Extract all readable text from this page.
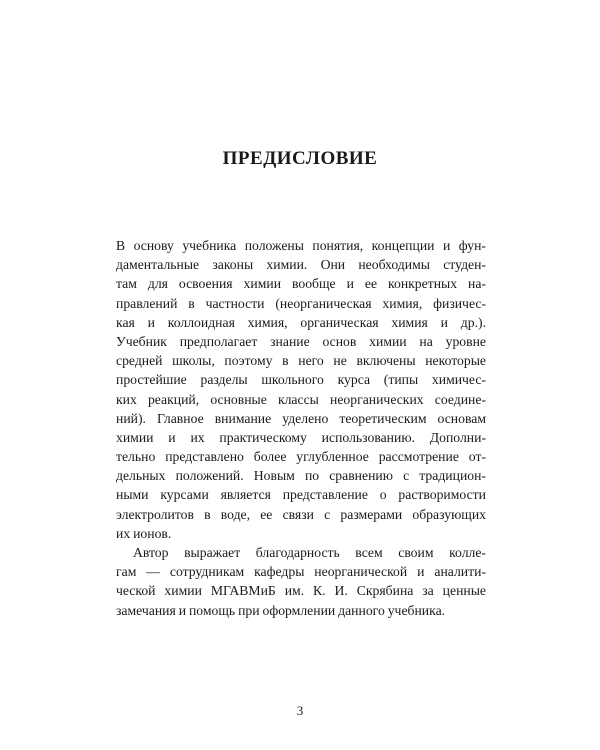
ПРЕДИСЛОВИЕ
В основу учебника положены понятия, концепции и фун-
даментальные законы химии. Они необходимы студен-
там для освоения химии вообще и ее конкретных на-
правлений в частности (неорганическая химия, физичес-
кая и коллоидная химия, органическая химия и др.).
Учебник предполагает знание основ химии на уровне
средней школы, поэтому в него не включены некоторые
простейшие разделы школьного курса (типы химичес-
ких реакций, основные классы неорганических соедине-
ний). Главное внимание уделено теоретическим основам
химии и их практическому использованию. Дополни-
тельно представлено более углубленное рассмотрение от-
дельных положений. Новым по сравнению с традицион-
ными курсами является представление о растворимости
электролитов в воде, ее связи с размерами образующих
их ионов.
Автор выражает благодарность всем своим колле-
гам — сотрудникам кафедры неорганической и аналити-
ческой химии МГАВМиБ им. К. И. Скрябина за ценные
замечания и помощь при оформлении данного учебника.
3
